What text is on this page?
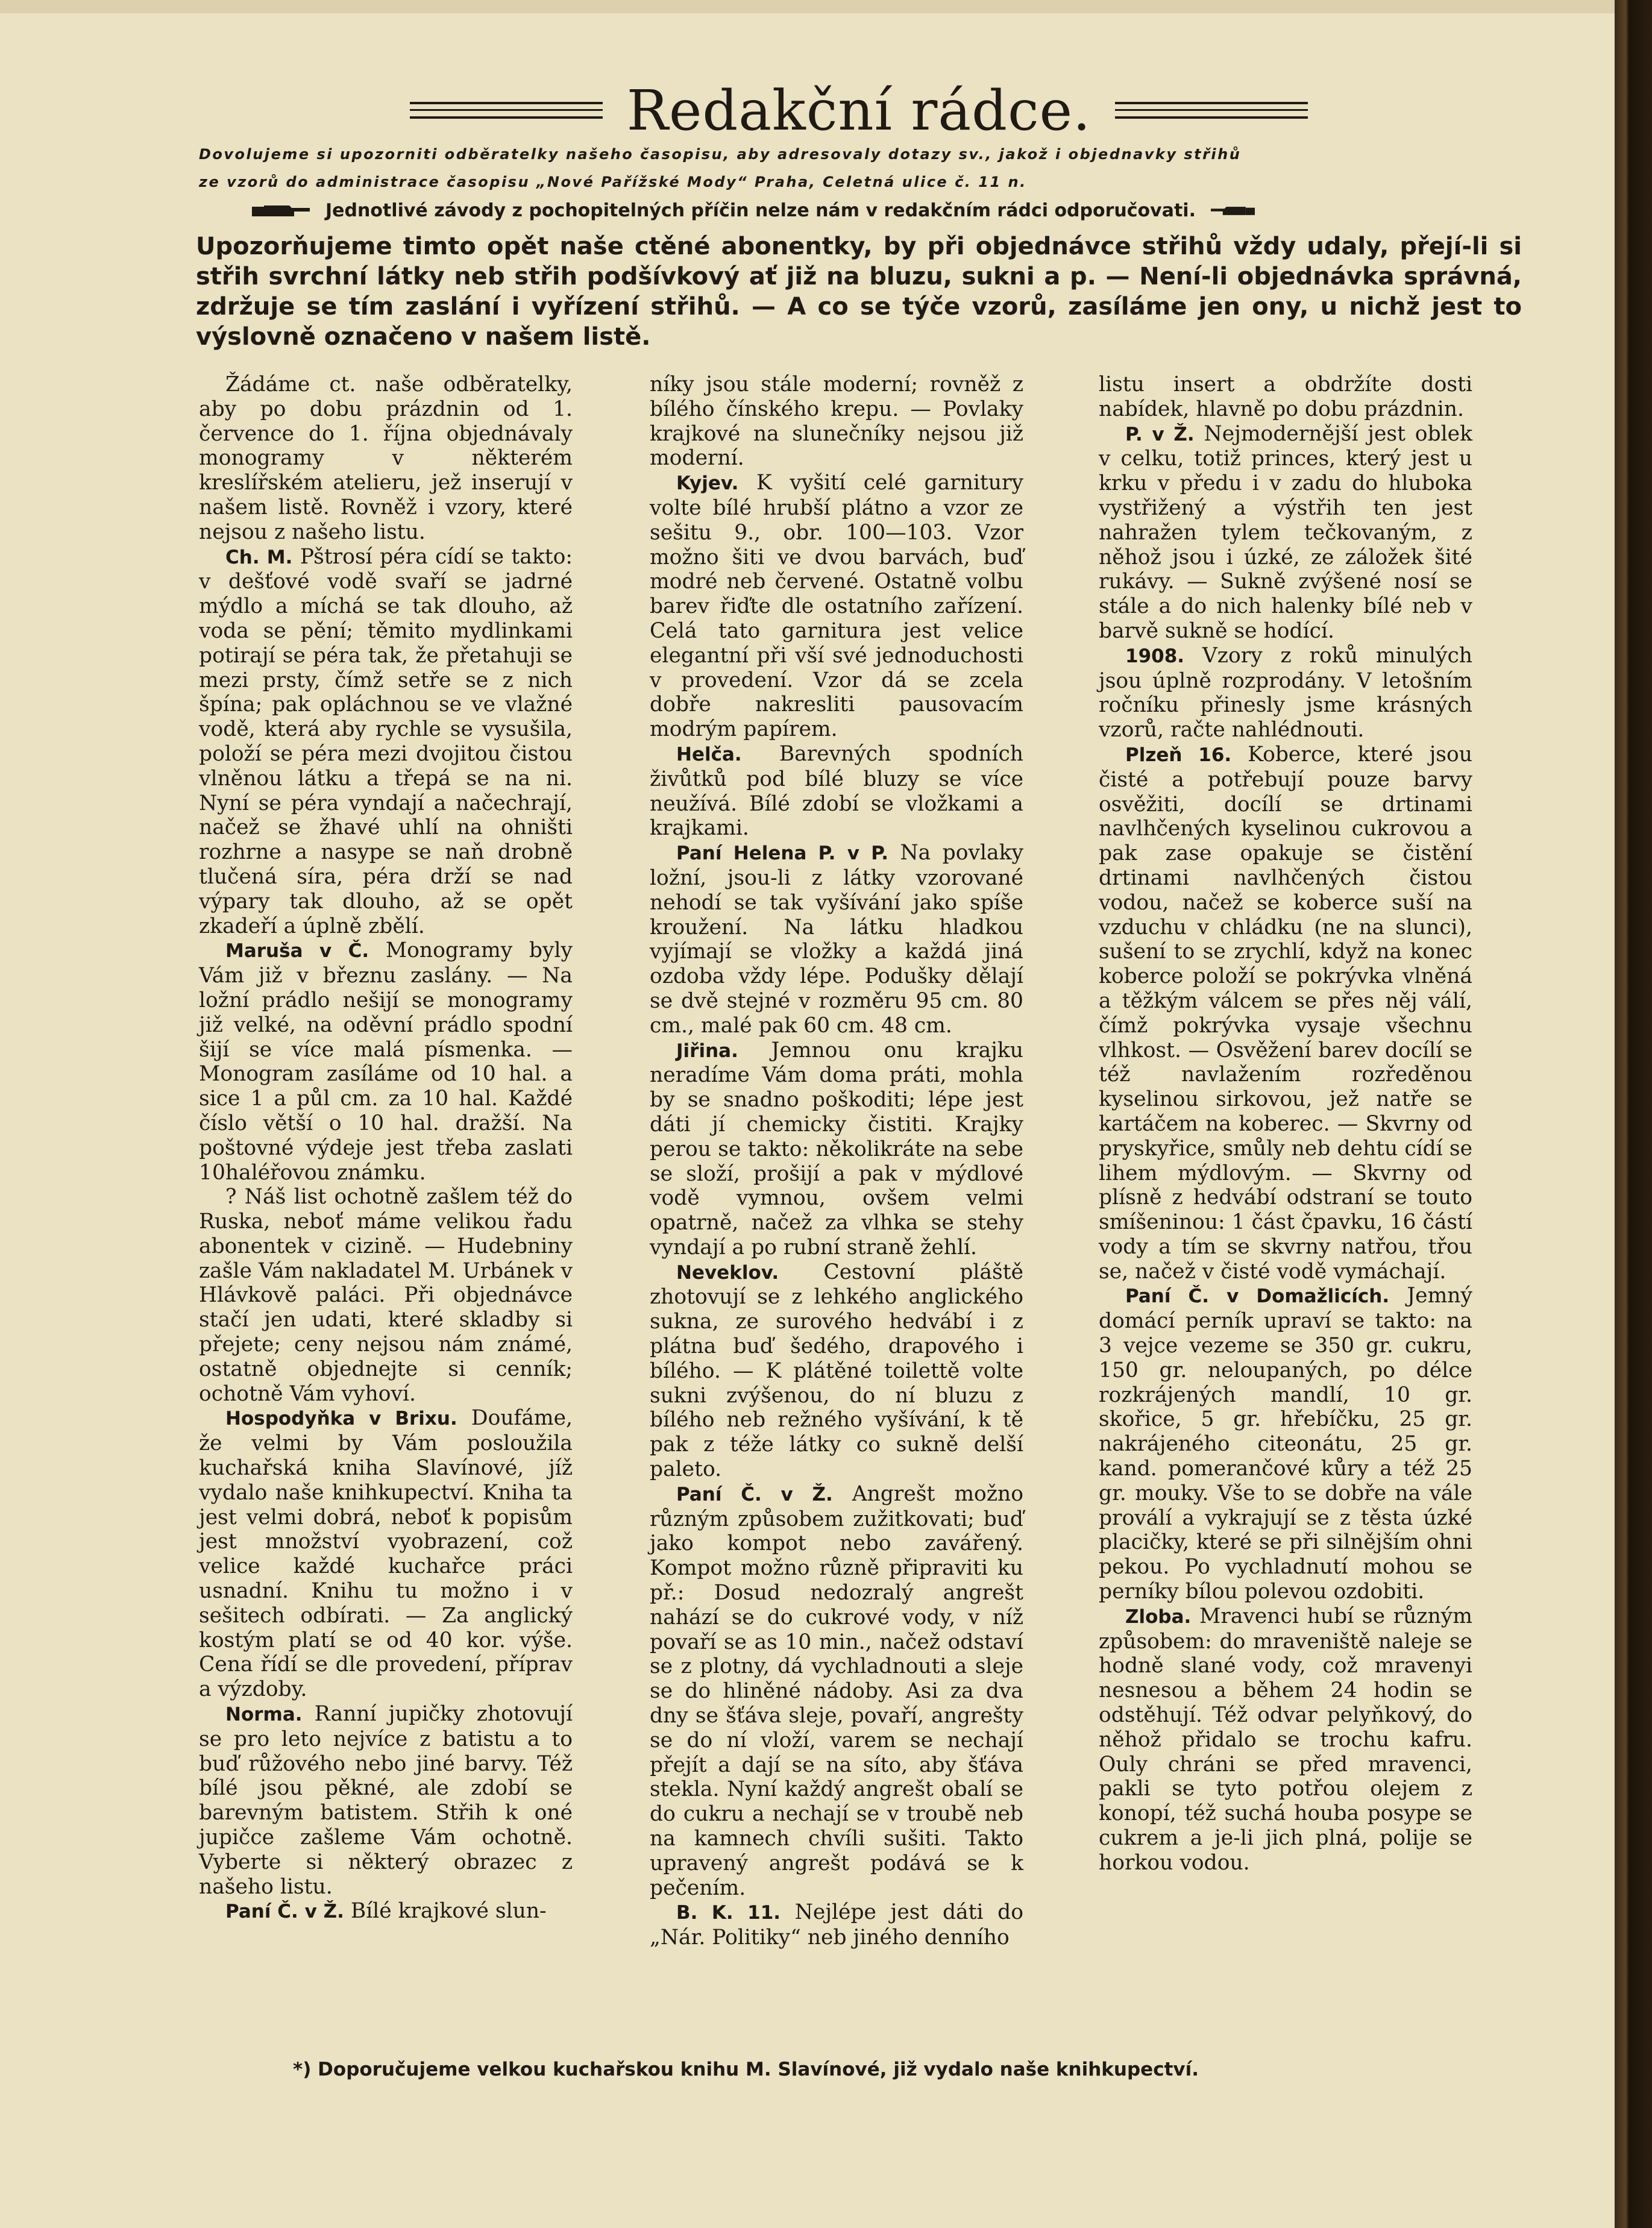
Redakční rádce.
Dovolujeme si upozorniti odběratelky našeho časopisu, aby adresovaly dotazy sv., jakož i objednavky střihů
ze vzorů do administrace časopisu „Nové Pařížské Mody“ Praha, Celetná ulice č. 11 n.
Jednotlivé závody z pochopitelných příčin nelze nám v redakčním rádci odporučovati.
Upozorňujeme timto opět naše ctěné abonentky, by při objednávce střihů vždy udaly, přejí-li si střih svrchní látky neb střih podšívkový ať již na bluzu, sukni a p. — Není-li objednávka správná, zdržuje se tím zaslání i vyřízení střihů. — A co se týče vzorů, zasíláme jen ony, u nichž jest to výslovně označeno v našem listě.

Žádáme ct. naše odběratelky, aby po dobu prázdnin od 1. července do 1. října objednávaly monogramy v některém kreslířském atelieru, jež inserují v našem listě. Rovněž i vzory, které nejsou z našeho listu.

Ch. M. Pštrosí péra cídí se takto: v dešťové vodě svaří se jadrné mýdlo a míchá se tak dlouho, až voda se pění; těmito mydlinkami potirají se péra tak, že přetahuji se mezi prsty, čímž setře se z nich špína; pak opláchnou se ve vlažné vodě, která aby rychle se vysušila, položí se péra mezi dvojitou čistou vlněnou látku a třepá se na ni. Nyní se péra vyndají a načechrají, načež se žhavé uhlí na ohništi rozhrne a nasype se naň drobně tlučená síra, péra drží se nad výpary tak dlouho, až se opět zkadeří a úplně zbělí.

Maruša v Č. Monogramy byly Vám již v březnu zaslány. — Na ložní prádlo nešijí se monogramy již velké, na oděvní prádlo spodní šijí se více malá písmenka. — Monogram zasíláme od 10 hal. a sice 1 a půl cm. za 10 hal. Každé číslo větší o 10 hal. dražší. Na poštovné výdeje jest třeba zaslati 10haléřovou známku.

? Náš list ochotně zašlem též do Ruska, neboť máme velikou řadu abonentek v cizině. — Hudebniny zašle Vám nakladatel M. Urbánek v Hlávkově paláci. Při objednávce stačí jen udati, které skladby si přejete; ceny nejsou nám známé, ostatně objednejte si cenník; ochotně Vám vyhoví.

Hospodyňka v Brixu. Doufáme, že velmi by Vám posloužila kuchařská kniha Slavínové, jíž vydalo naše knihkupectví. Kniha ta jest velmi dobrá, neboť k popisům jest množství vyobrazení, což velice každé kuchařce práci usnadní. Knihu tu možno i v sešitech odbírati. — Za anglický kostým platí se od 40 kor. výše. Cena řídí se dle provedení, příprav a výzdoby.

Norma. Ranní jupičky zhotovují se pro leto nejvíce z batistu a to buď růžového nebo jiné barvy. Též bílé jsou pěkné, ale zdobí se barevným batistem. Střih k oné jupičce zašleme Vám ochotně. Vyberte si některý obrazec z našeho listu.

Paní Č. v Ž. Bílé krajkové slun-

níky jsou stále moderní; rovněž z bílého čínského krepu. — Povlaky krajkové na slunečníky nejsou již moderní.

Kyjev. K vyšití celé garnitury volte bílé hrubší plátno a vzor ze sešitu 9., obr. 100—103. Vzor možno šiti ve dvou barvách, buď modré neb červené. Ostatně volbu barev řiďte dle ostatního zařízení. Celá tato garnitura jest velice elegantní při vší své jednoduchosti v provedení. Vzor dá se zcela dobře nakresliti pausovacím modrým papírem.

Helča. Barevných spodních živůtků pod bílé bluzy se více neužívá. Bílé zdobí se vložkami a krajkami.

Paní Helena P. v P. Na povlaky ložní, jsou-li z látky vzorované nehodí se tak vyšívání jako spíše kroužení. Na látku hladkou vyjímají se vložky a každá jiná ozdoba vždy lépe. Podušky dělají se dvě stejné v rozměru 95 cm. 80 cm., malé pak 60 cm. 48 cm.

Jiřina. Jemnou onu krajku neradíme Vám doma práti, mohla by se snadno poškoditi; lépe jest dáti jí chemicky čistiti. Krajky perou se takto: několikráte na sebe se složí, prošijí a pak v mýdlové vodě vymnou, ovšem velmi opatrně, načež za vlhka se stehy vyndají a po rubní straně žehlí.

Neveklov. Cestovní pláště zhotovují se z lehkého anglického sukna, ze surového hedvábí i z plátna buď šedého, drapového i bílého. — K plátěné toilettě volte sukni zvýšenou, do ní bluzu z bílého neb režného vyšívání, k tě pak z téže látky co sukně delší paleto.

Paní Č. v Ž. Angrešt možno různým způsobem zužitkovati; buď jako kompot nebo zavářený. Kompot možno různě připraviti ku př.: Dosud nedozralý angrešt nahází se do cukrové vody, v níž povaří se as 10 min., načež odstaví se z plotny, dá vychladnouti a sleje se do hliněné nádoby. Asi za dva dny se šťáva sleje, povaří, angrešty se do ní vloží, varem se nechají přejít a dají se na síto, aby šťáva stekla. Nyní každý angrešt obalí se do cukru a nechají se v troubě neb na kamnech chvíli sušiti. Takto upravený angrešt podává se k pečením.

B. K. 11. Nejlépe jest dáti do „Nár. Politiky“ neb jiného denního

listu insert a obdržíte dosti nabídek, hlavně po dobu prázdnin.

P. v Ž. Nejmodernější jest oblek v celku, totiž princes, který jest u krku v předu i v zadu do hluboka vystřižený a výstřih ten jest nahražen tylem tečkovaným, z něhož jsou i úzké, ze záložek šité rukávy. — Sukně zvýšené nosí se stále a do nich halenky bílé neb v barvě sukně se hodící.

1908. Vzory z roků minulých jsou úplně rozprodány. V letošním ročníku přinesly jsme krásných vzorů, račte nahlédnouti.

Plzeň 16. Koberce, které jsou čisté a potřebují pouze barvy osvěžiti, docílí se drtinami navlhčených kyselinou cukrovou a pak zase opakuje se čistění drtinami navlhčených čistou vodou, načež se koberce suší na vzduchu v chládku (ne na slunci), sušení to se zrychlí, když na konec koberce položí se pokrývka vlněná a těžkým válcem se přes něj válí, čímž pokrývka vysaje všechnu vlhkost. — Osvěžení barev docílí se též navlažením rozředěnou kyselinou sirkovou, jež natře se kartáčem na koberec. — Skvrny od pryskyřice, smůly neb dehtu cídí se lihem mýdlovým. — Skvrny od plísně z hedvábí odstraní se touto smíšeninou: 1 část čpavku, 16 částí vody a tím se skvrny natřou, třou se, načež v čisté vodě vymáchají.

Paní Č. v Domažlicích. Jemný domácí perník upraví se takto: na 3 vejce vezeme se 350 gr. cukru, 150 gr. neloupaných, po délce rozkrájených mandlí, 10 gr. skořice, 5 gr. hřebíčku, 25 gr. nakrájeného citeonátu, 25 gr. kand. pomerančové kůry a též 25 gr. mouky. Vše to se dobře na vále proválí a vykrajují se z těsta úzké placičky, které se při silnějším ohni pekou. Po vychladnutí mohou se perníky bílou polevou ozdobiti.

Zloba. Mravenci hubí se různým způsobem: do mraveniště naleje se hodně slané vody, což mravenyi nesnesou a během 24 hodin se odstěhují. Též odvar pelyňkový, do něhož přidalo se trochu kafru. Ouly chráni se před mravenci, pakli se tyto potřou olejem z konopí, též suchá houba posype se cukrem a je-li jich plná, polije se horkou vodou.

*) Doporučujeme velkou kuchařskou knihu M. Slavínové, již vydalo naše knihkupectví.
